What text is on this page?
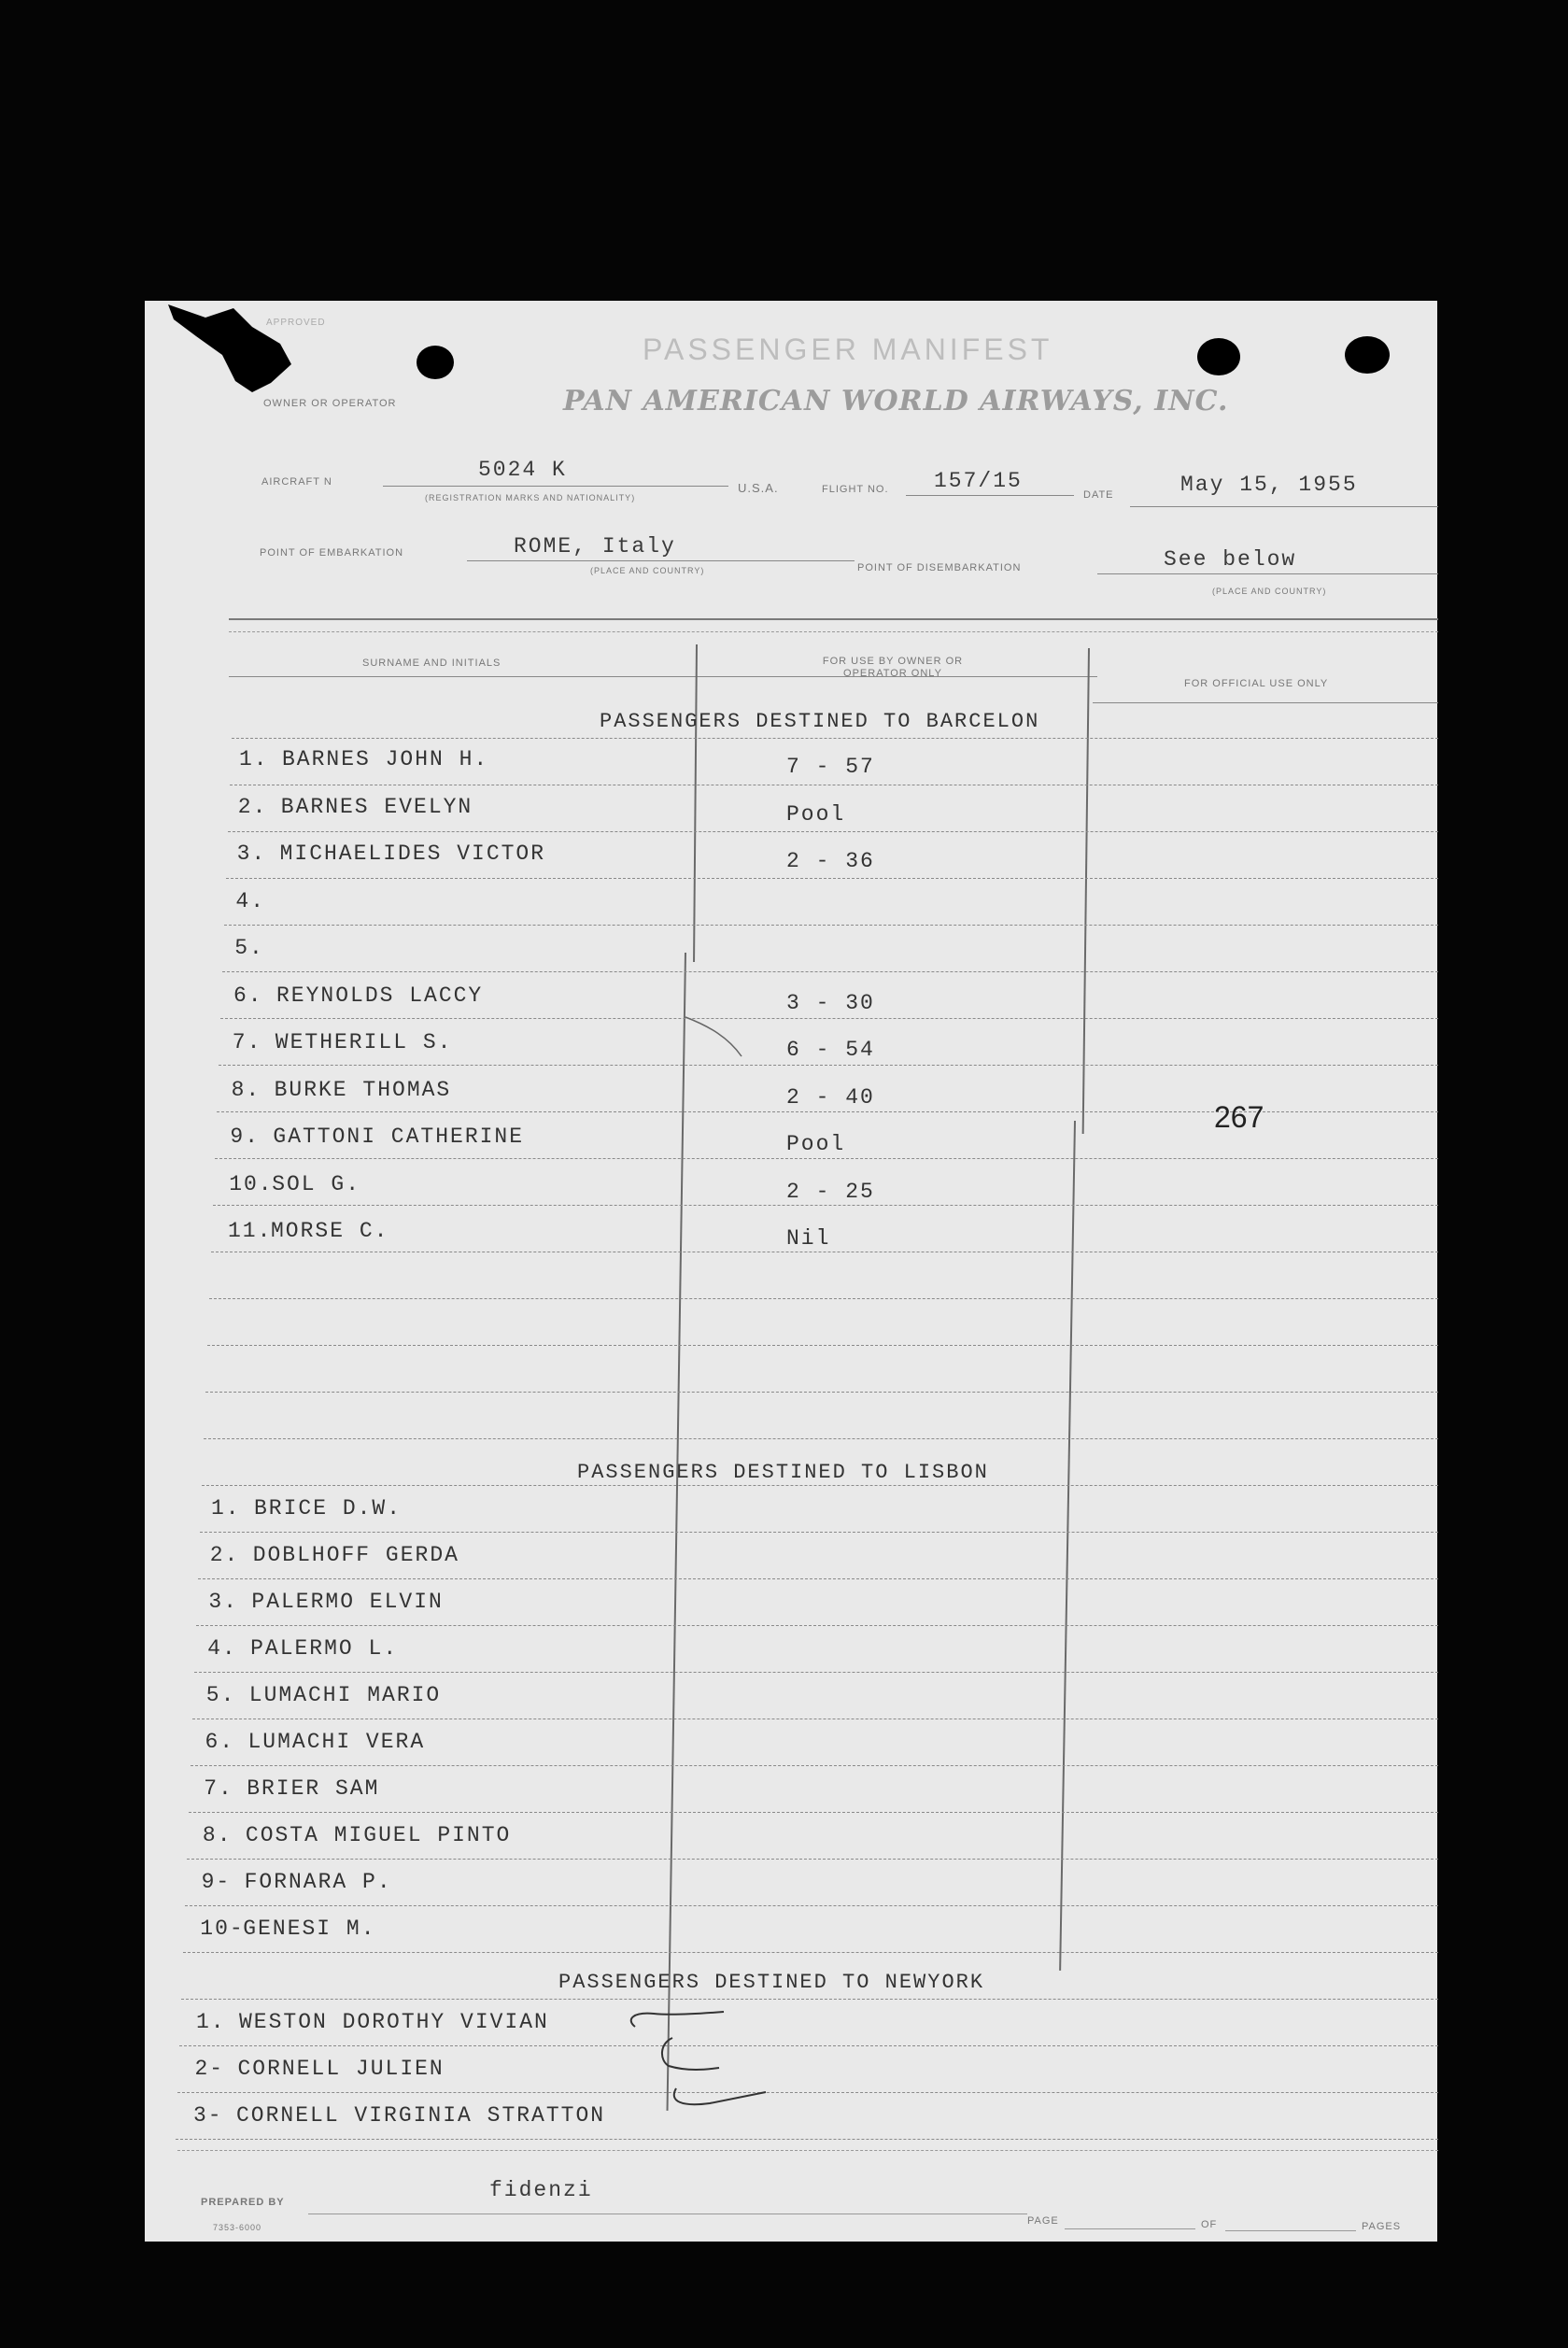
APPROVED
PASSENGER MANIFEST
OWNER OR OPERATOR	PAN AMERICAN WORLD AIRWAYS, INC.
AIRCRAFT N	5024 K
(REGISTRATION MARKS AND NATIONALITY)
U.S.A.	FLIGHT NO. 157/15
DATE	May 15, 1955
POINT OF EMBARKATION	ROME, Italy
(PLACE AND COUNTRY)	POINT OF DISEMBARKATION	See below
(PLACE AND COUNTRY)
SURNAME AND INITIALS	FOR USE BY OWNER OR OPERATOR ONLY
FOR OFFICIAL USE ONLY
PASSENGERS DESTINED TO BARCELON
1. BARNES JOHN H.	7 - 57
2. BARNES EVELYN	Pool
3. MICHAELIDES VICTOR	2 - 36
4.
5.
6. REYNOLDS LACCY	3 - 30
7. WETHERILL S.	6 - 54
8. BURKE THOMAS	2 - 40
9. GATTONI CATHERINE	Pool
10.SOL G.	2 - 25
11.MORSE C.	Nil
PASSENGERS DESTINED TO LISBON
1. BRICE D.W.
2. DOBLHOFF GERDA
3. PALERMO ELVIN
4. PALERMO L.
5. LUMACHI MARIO
6. LUMACHI VERA
7. BRIER SAM
8. COSTA MIGUEL PINTO
9- FORNARA P.
10-GENESI M.
PASSENGERS DESTINED TO NEWYORK
1. WESTON DOROTHY VIVIAN
2- CORNELL JULIEN
3- CORNELL VIRGINIA STRATTON
267
PREPARED BY	fidenzi
7353-6000
PAGE	OF	PAGES
